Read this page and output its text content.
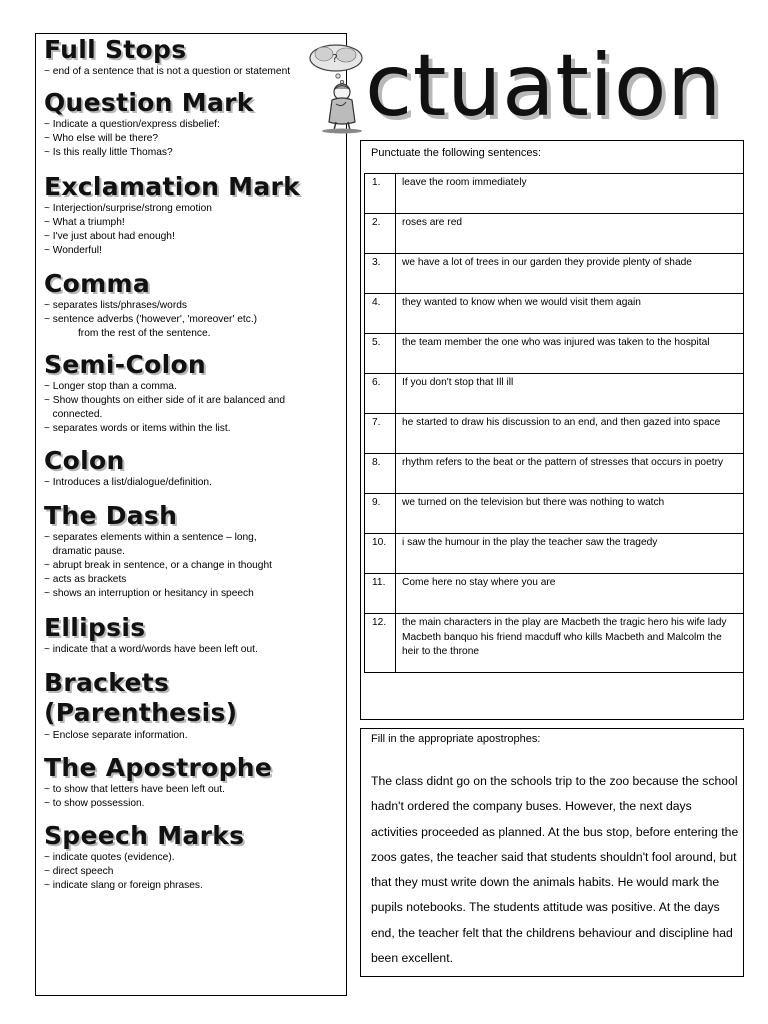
Full Stops
~ end of a sentence that is not a question or statement
Question Mark
~ Indicate a question/express disbelief:
~ Who else will be there?
~ Is this really little Thomas?
Exclamation Mark
~ Interjection/surprise/strong emotion
~ What a triumph!
~ I've just about had enough!
~ Wonderful!
Comma
~ separates lists/phrases/words
~ sentence adverbs ('however', 'moreover' etc.)
from the rest of the sentence.
Semi-Colon
~ Longer stop than a comma.
~ Show thoughts on either side of it are balanced and
connected.
~ separates words or items within the list.
Colon
~ Introduces a list/dialogue/definition.
The Dash
~ separates elements within a sentence – long,
dramatic pause.
~ abrupt break in sentence, or a change in thought
~ acts as brackets
~ shows an interruption or hesitancy in speech
Ellipsis
~ indicate that a word/words have been left out.
Brackets
(Parenthesis)
~ Enclose separate information.
The Apostrophe
~ to show that letters have been left out.
~ to show possession.
Speech Marks
~ indicate quotes (evidence).
~ direct speech
~ indicate slang or foreign phrases.
? ctuation
Punctuate the following sentences:
1.	leave the room immediately
2.	roses are red
3.	we have a lot of trees in our garden they provide plenty of shade
4.	they wanted to know when we would visit them again
5.	the team member the one who was injured was taken to the hospital
6.	If you don't stop that Ill ill
7.	he started to draw his discussion to an end, and then gazed into space
8.	rhythm refers to the beat or the pattern of stresses that occurs in poetry
9.	we turned on the television but there was nothing to watch
10.	i saw the humour in the play the teacher saw the tragedy
11.	Come here no stay where you are
12.	the main characters in the play are Macbeth the tragic hero his wife lady Macbeth banquo his friend macduff who kills Macbeth and Malcolm the heir to the throne
Fill in the appropriate apostrophes:

The class didnt go on the schools trip to the zoo because the school hadn't ordered the company buses. However, the next days activities proceeded as planned. At the bus stop, before entering the zoos gates, the teacher said that students shouldn't fool around, but that they must write down the animals habits. He would mark the pupils notebooks. The students attitude was positive. At the days end, the teacher felt that the childrens behaviour and discipline had been excellent.
